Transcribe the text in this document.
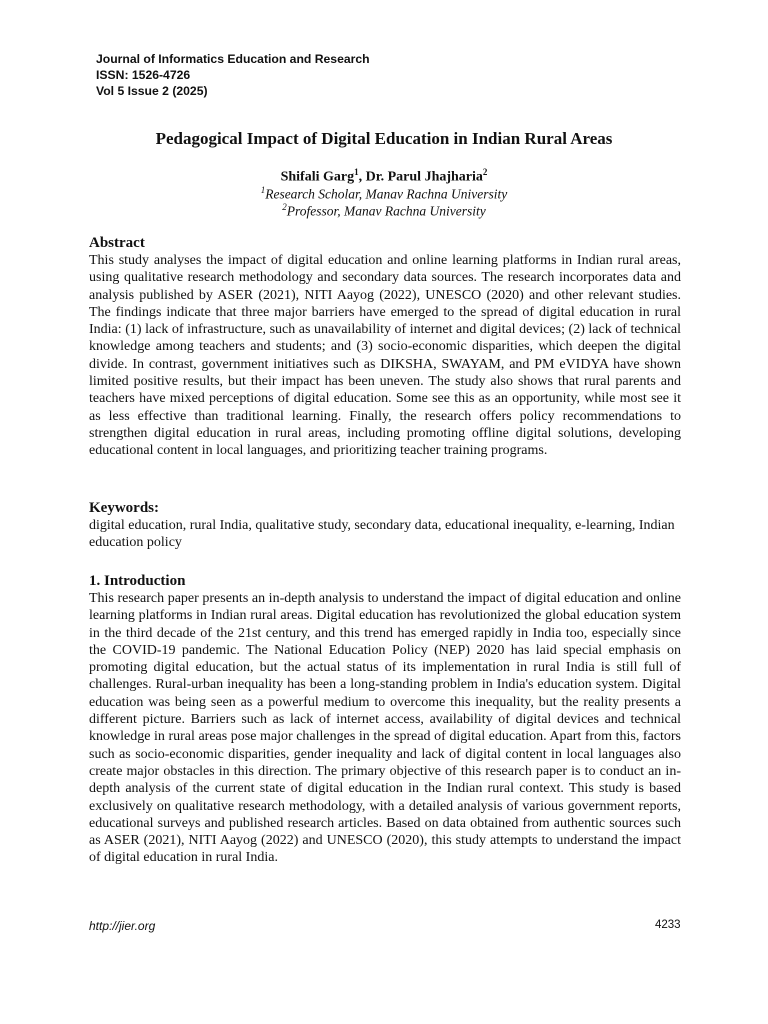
Journal of Informatics Education and Research
ISSN: 1526-4726
Vol 5 Issue 2 (2025)
Pedagogical Impact of Digital Education in Indian Rural Areas
Shifali Garg$^1$, Dr. Parul Jhajharia$^2$
$^1$Research Scholar, Manav Rachna University
$^2$Professor, Manav Rachna University
Abstract
This study analyses the impact of digital education and online learning platforms in Indian rural areas, using qualitative research methodology and secondary data sources. The research incorporates data and analysis published by ASER (2021), NITI Aayog (2022), UNESCO (2020) and other relevant studies. The findings indicate that three major barriers have emerged to the spread of digital education in rural India: (1) lack of infrastructure, such as unavailability of internet and digital devices; (2) lack of technical knowledge among teachers and students; and (3) socio-economic disparities, which deepen the digital divide. In contrast, government initiatives such as DIKSHA, SWAYAM, and PM eVIDYA have shown limited positive results, but their impact has been uneven. The study also shows that rural parents and teachers have mixed perceptions of digital education. Some see this as an opportunity, while most see it as less effective than traditional learning. Finally, the research offers policy recommendations to strengthen digital education in rural areas, including promoting offline digital solutions, developing educational content in local languages, and prioritizing teacher training programs.
Keywords:
digital education, rural India, qualitative study, secondary data, educational inequality, e-learning, Indian education policy
1. Introduction
This research paper presents an in-depth analysis to understand the impact of digital education and online learning platforms in Indian rural areas. Digital education has revolutionized the global education system in the third decade of the 21st century, and this trend has emerged rapidly in India too, especially since the COVID-19 pandemic. The National Education Policy (NEP) 2020 has laid special emphasis on promoting digital education, but the actual status of its implementation in rural India is still full of challenges. Rural-urban inequality has been a long-standing problem in India's education system. Digital education was being seen as a powerful medium to overcome this inequality, but the reality presents a different picture. Barriers such as lack of internet access, availability of digital devices and technical knowledge in rural areas pose major challenges in the spread of digital education. Apart from this, factors such as socio-economic disparities, gender inequality and lack of digital content in local languages also create major obstacles in this direction. The primary objective of this research paper is to conduct an in-depth analysis of the current state of digital education in the Indian rural context. This study is based exclusively on qualitative research methodology, with a detailed analysis of various government reports, educational surveys and published research articles. Based on data obtained from authentic sources such as ASER (2021), NITI Aayog (2022) and UNESCO (2020), this study attempts to understand the impact of digital education in rural India.
http://jier.org	4233
